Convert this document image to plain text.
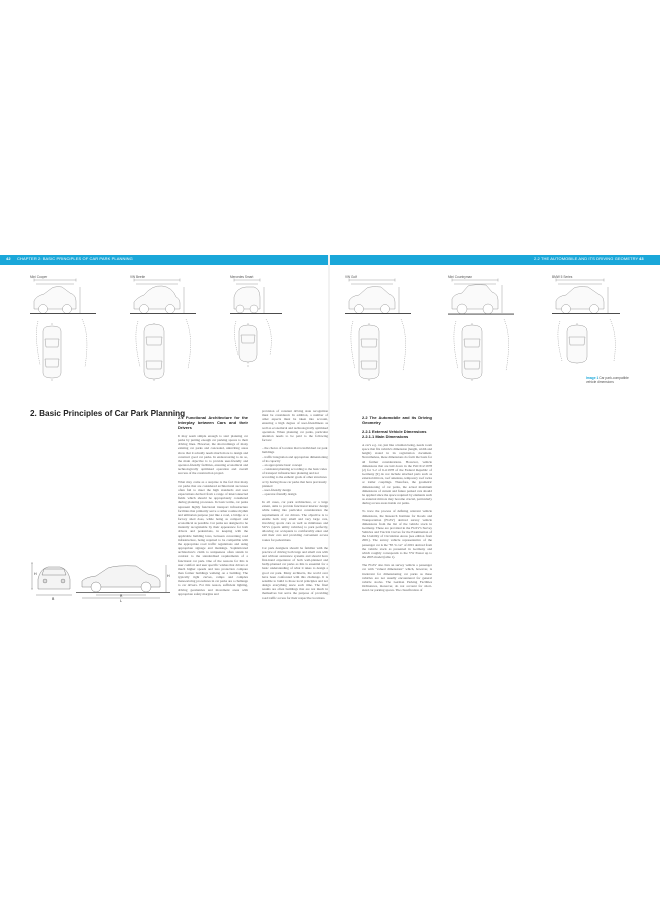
42 CHAPTER 2: BASIC PRINCIPLES OF CAR PARK PLANNING	2.2 THE AUTOMOBILE AND ITS DRIVING GEOMETRY 43
Mini Cooper	VW Beetle	Mercedes Smart	VW Golf	Mini Countryman	BMW 5 Series
Image 1 Car park-compatible vehicle dimensions
2. Basic Principles of Car Park Planning
H
B
R
L
H

2.1 Functional Architecture for the Interplay between Cars and their Drivers

It may seem simple enough to start planning car parks by putting enough car parking spaces to their driving lines. However, the shortcomings of many existing car parks and concealed, uninviting areas show that it actually needs much more to design and construct good car parks. In endeavouring to do so, the main objective is to provide user-friendly and operator-friendly facilities, ensuring economical and technologically optimised operation and overall success of the construction project.

What may come as a surprise is the fact that many car parks that are considered architectural successes often fail to meet the high standards and user expectations derived from a range of interconnected fields which should be appropriately considered during planning processes. In basic terms, car parks represent highly functional transport infrastructure facilities that primarily serve a rather routine rhythm and utilitarian purpose just like a road, a bridge or a factory shed does, while being as compact and economical as possible. Car parks are designed to be instantly recognisable by their appearance for both drivers and pedestrians, in keeping with the applicable building laws, between concerning road infrastructure, being required to be compatible with the appropriate road traffic regulations and using appropriate signage and markings. Sophisticated architecture's claim to uniqueness often stands in contrast to the standardised requirements of a functional car park. One of the reasons for this is user comfort and user specific wishes that drivers at much higher speeds and less protection compare than former buildings walking on a building. The typically tight curves, ramps and complex manoeuvring procedures in car parks are a challenge to car drivers. For this reason, sufficient lighting, driving geometries and movement areas with appropriate safety margins and

provision of constant driving state recognition must be considered. In addition, a number of other aspects must be taken into account, ensuring a high degree of user-friendliness as well as economical and technologically optimised operation. When planning car parks, particular attention needs to be paid to the following factors:

– the choice of location that is individual car park buildings
– traffic integration and appropriate dimensioning of its capacity
– an appropriate basic concept
– consistent planning according to the basic rules of transport infrastructure planning and not according to the esthetic goals of other structures or by having those car parks that have previously planned
– user-friendly design
– operator-friendly design

In all cases, car park architecture, or a large extent, aims to provide functional interior design while taking into particular consideration the requirements of car drivers. The objective is to enable both very small and very large cars, involving sports cars as well as minibuses and SUVs (sports utility vehicles) to park perfectly, allowing car occupants to comfortably enter and exit their cars and providing convenient access routes for pedestrians.

Car park designers should be familiar with the practice of driving both large and small cars with and without assistance systems and should have first-hand experience of both well-planned and badly-planned car parks as this is essential for a basic understanding of what it takes to design a good car park. Many architects, the world over have been confronted with this challenge. It is sensible to build to those local principles and not design everything anew each time. The final results are often buildings that are not much in themselves but serve the purpose of providing road traffic access for their respective locations.

2.2 The Automobile and its Driving Geometry

2.2.1 External Vehicle Dimensions

2.2.1.1 Main Dimensions

A car's e.g. car, just like a human being, needs room space that fits vehicle's dimension (length, width and height) stated in its registration document. Nevertheless, these dimensions do form the basis for all further considerations. However, vehicle dimensions that are laid down in the ISO 612:1978 (2) for 5-2 of 6-4:1978 of the Federal Republic of Germany [9] do not include attached parts such as external mirrors, roof antennas, temporary roof racks or trailer couplings. Therefore, the geometric dimensioning of car parks, the actual maximum dimensions of current and future parked cars should be applied since the space required by elements such as external mirrors may become crucial, particularly during access areas inside car parks.

To trace the process of defining relevant vehicle dimensions, the Research Institute for Roads and Transportation (FGSV) derived survey vehicle dimensions from the list of the vehicle stock in Germany. These are provided in the FGSV's Survey Vehicles and Tractrix Curves for the Examination of the Usability of Circulation Areas (see edition from 2001). The survey vehicle representative of the passenger car is the "85 % car" of 2001 derived from the vehicle stock as presented in Germany and which roughly corresponds to the VW Passat up to the 2005 model (table 1).

The FGSV also lists an survey vehicle a passenger car with "valued dimensions" which, however, is irrelevant for dimensioning car parks as these vehicles are not usually encountered for general vehicle stocks. The German Parking Facilities Ordinances, moreover, do not account for short-sized car parking spaces. The classification of
